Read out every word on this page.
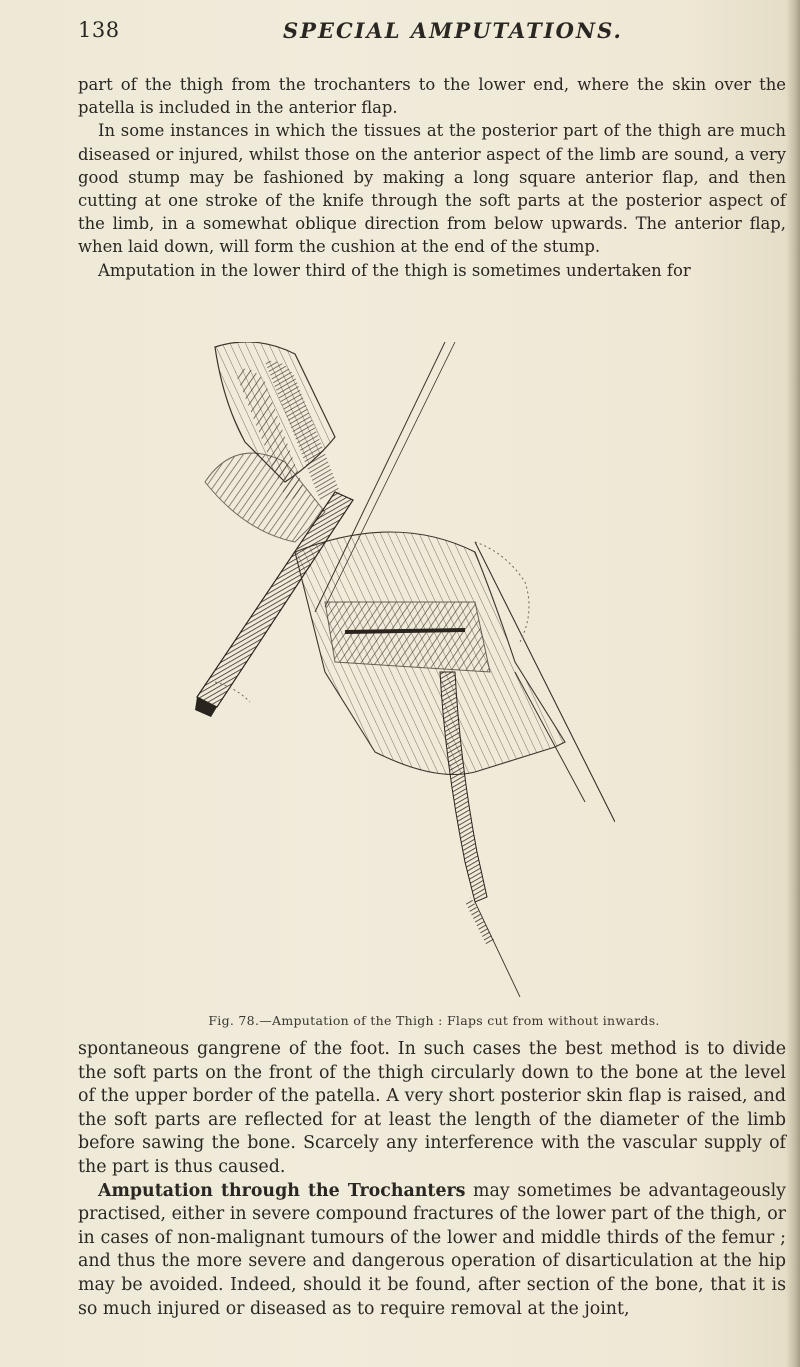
138	SPECIAL AMPUTATIONS.

part of the thigh from the trochanters to the lower end, where the skin over the patella is included in the anterior flap.

In some instances in which the tissues at the posterior part of the thigh are much diseased or injured, whilst those on the anterior aspect of the limb are sound, a very good stump may be fashioned by making a long square anterior flap, and then cutting at one stroke of the knife through the soft parts at the posterior aspect of the limb, in a somewhat oblique direction from below upwards. The anterior flap, when laid down, will form the cushion at the end of the stump.

Amputation in the lower third of the thigh is sometimes undertaken for

Fig. 78.—Amputation of the Thigh : Flaps cut from without inwards.

spontaneous gangrene of the foot. In such cases the best method is to divide the soft parts on the front of the thigh circularly down to the bone at the level of the upper border of the patella. A very short posterior skin flap is raised, and the soft parts are reflected for at least the length of the diameter of the limb before sawing the bone. Scarcely any interference with the vascular supply of the part is thus caused.

Amputation through the Trochanters may sometimes be advantageously practised, either in severe compound fractures of the lower part of the thigh, or in cases of non-malignant tumours of the lower and middle thirds of the femur ; and thus the more severe and dangerous operation of disarticulation at the hip may be avoided. Indeed, should it be found, after section of the bone, that it is so much injured or diseased as to require removal at the joint,
